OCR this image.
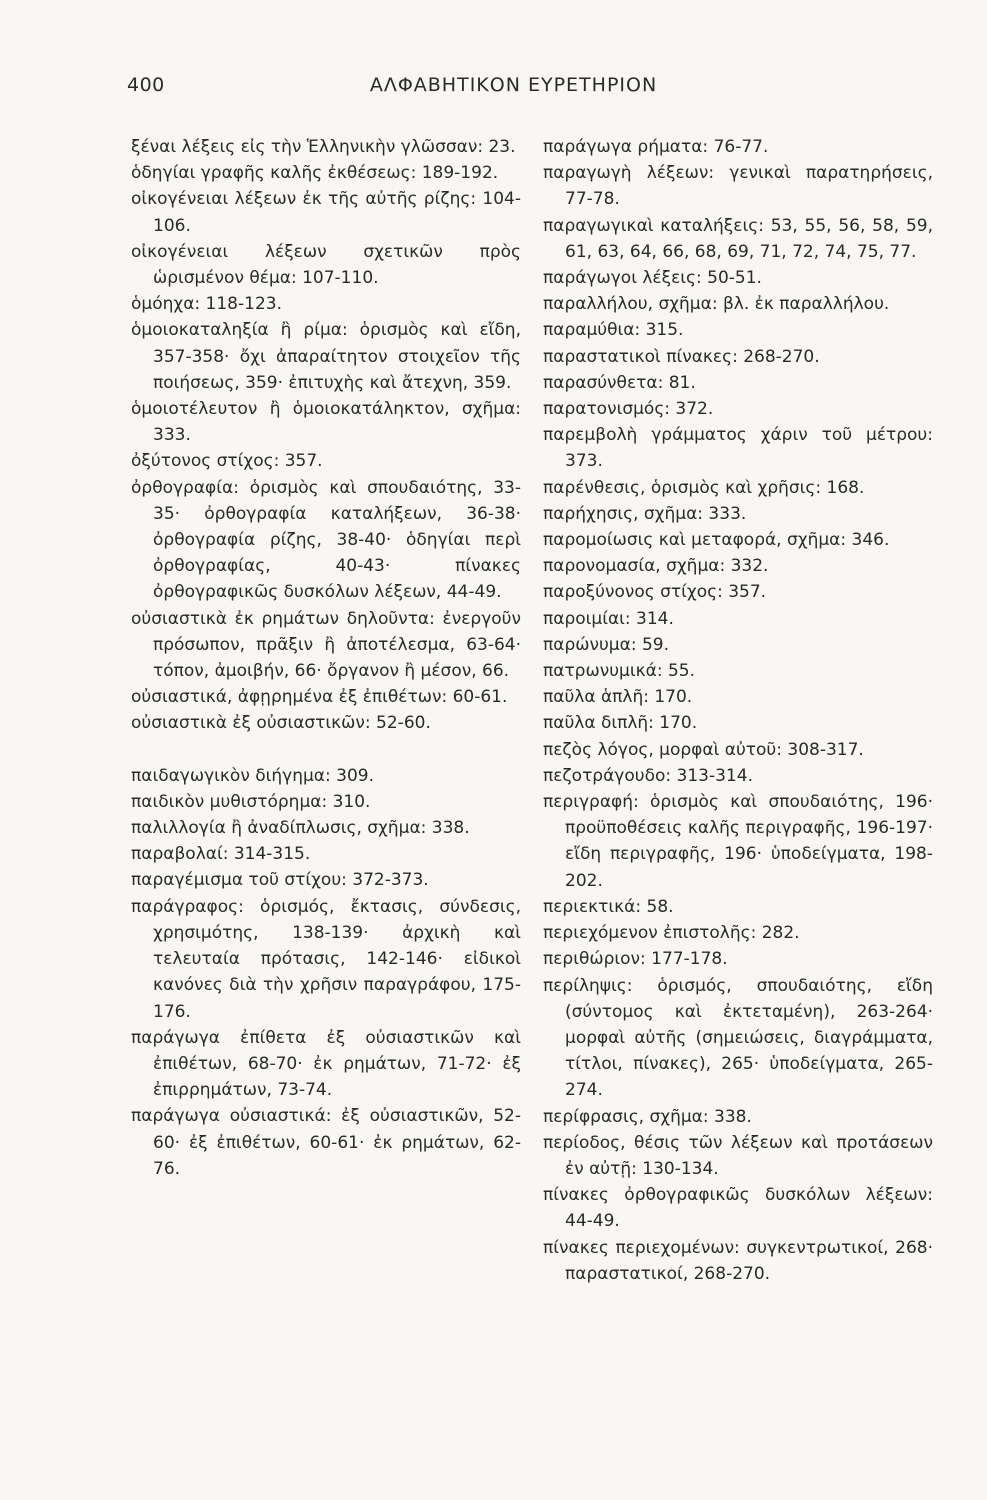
400	ΑΛΦΑΒΗΤΙΚΟΝ ΕΥΡΕΤΗΡΙΟΝ
ξέναι λέξεις εἰς τὴν Ἑλληνικὴν γλῶσσαν: 23.
ὁδηγίαι γραφῆς καλῆς ἐκθέσεως: 189-192.
οἰκογένειαι λέξεων ἐκ τῆς αὐτῆς ρίζης: 104-106.
οἰκογένειαι λέξεων σχετικῶν πρὸς ὡρισμένον θέμα: 107-110.
ὁμόηχα: 118-123.
ὁμοιοκαταληξία ἢ ρίμα: ὁρισμὸς καὶ εἴδη, 357-358· ὄχι ἀπαραίτητον στοιχεῖον τῆς ποιήσεως, 359· ἐπιτυχὴς καὶ ἄτεχνη, 359.
ὁμοιοτέλευτον ἢ ὁμοιοκατάληκτον, σχῆμα: 333.
ὀξύτονος στίχος: 357.
ὀρθογραφία: ὁρισμὸς καὶ σπουδαιότης, 33-35· ὀρθογραφία καταλήξεων, 36-38· ὀρθογραφία ρίζης, 38-40· ὁδηγίαι περὶ ὀρθογραφίας, 40-43· πίνακες ὀρθογραφικῶς δυσκόλων λέξεων, 44-49.
οὐσιαστικὰ ἐκ ρημάτων δηλοῦντα: ἐνεργοῦν πρόσωπον, πρᾶξιν ἢ ἀποτέλεσμα, 63-64· τόπον, ἀμοιβήν, 66· ὄργανον ἢ μέσον, 66.
οὐσιαστικά, ἀφῃρημένα ἐξ ἐπιθέτων: 60-61.
οὐσιαστικὰ ἐξ οὐσιαστικῶν: 52-60.
παιδαγωγικὸν διήγημα: 309.
παιδικὸν μυθιστόρημα: 310.
παλιλλογία ἢ ἀναδίπλωσις, σχῆμα: 338.
παραβολαί: 314-315.
παραγέμισμα τοῦ στίχου: 372-373.
παράγραφος: ὁρισμός, ἔκτασις, σύνδεσις, χρησιμότης, 138-139· ἀρχικὴ καὶ τελευταία πρότασις, 142-146· εἰδικοὶ κανόνες διὰ τὴν χρῆσιν παραγράφου, 175-176.
παράγωγα ἐπίθετα ἐξ οὐσιαστικῶν καὶ ἐπιθέτων, 68-70· ἐκ ρημάτων, 71-72· ἐξ ἐπιρρημάτων, 73-74.
παράγωγα οὐσιαστικά: ἐξ οὐσιαστικῶν, 52-60· ἐξ ἐπιθέτων, 60-61· ἐκ ρημάτων, 62-76.
παράγωγα ρήματα: 76-77.
παραγωγὴ λέξεων: γενικαὶ παρατηρήσεις, 77-78.
παραγωγικαὶ καταλήξεις: 53, 55, 56, 58, 59, 61, 63, 64, 66, 68, 69, 71, 72, 74, 75, 77.
παράγωγοι λέξεις: 50-51.
παραλλήλου, σχῆμα: βλ. ἐκ παραλλήλου.
παραμύθια: 315.
παραστατικοὶ πίνακες: 268-270.
παρασύνθετα: 81.
παρατονισμός: 372.
παρεμβολὴ γράμματος χάριν τοῦ μέτρου: 373.
παρένθεσις, ὁρισμὸς καὶ χρῆσις: 168.
παρήχησις, σχῆμα: 333.
παρομοίωσις καὶ μεταφορά, σχῆμα: 346.
παρονομασία, σχῆμα: 332.
παροξύνονος στίχος: 357.
παροιμίαι: 314.
παρώνυμα: 59.
πατρωνυμικά: 55.
παῦλα ἁπλῆ: 170.
παῦλα διπλῆ: 170.
πεζὸς λόγος, μορφαὶ αὐτοῦ: 308-317.
πεζοτράγουδο: 313-314.
περιγραφή: ὁρισμὸς καὶ σπουδαιότης, 196· προϋποθέσεις καλῆς περιγραφῆς, 196-197· εἴδη περιγραφῆς, 196· ὑποδείγματα, 198-202.
περιεκτικά: 58.
περιεχόμενον ἐπιστολῆς: 282.
περιθώριον: 177-178.
περίληψις: ὁρισμός, σπουδαιότης, εἴδη (σύντομος καὶ ἐκτεταμένη), 263-264· μορφαὶ αὐτῆς (σημειώσεις, διαγράμματα, τίτλοι, πίνακες), 265· ὑποδείγματα, 265-274.
περίφρασις, σχῆμα: 338.
περίοδος, θέσις τῶν λέξεων καὶ προτάσεων ἐν αὐτῇ: 130-134.
πίνακες ὀρθογραφικῶς δυσκόλων λέξεων: 44-49.
πίνακες περιεχομένων: συγκεντρωτικοί, 268· παραστατικοί, 268-270.
